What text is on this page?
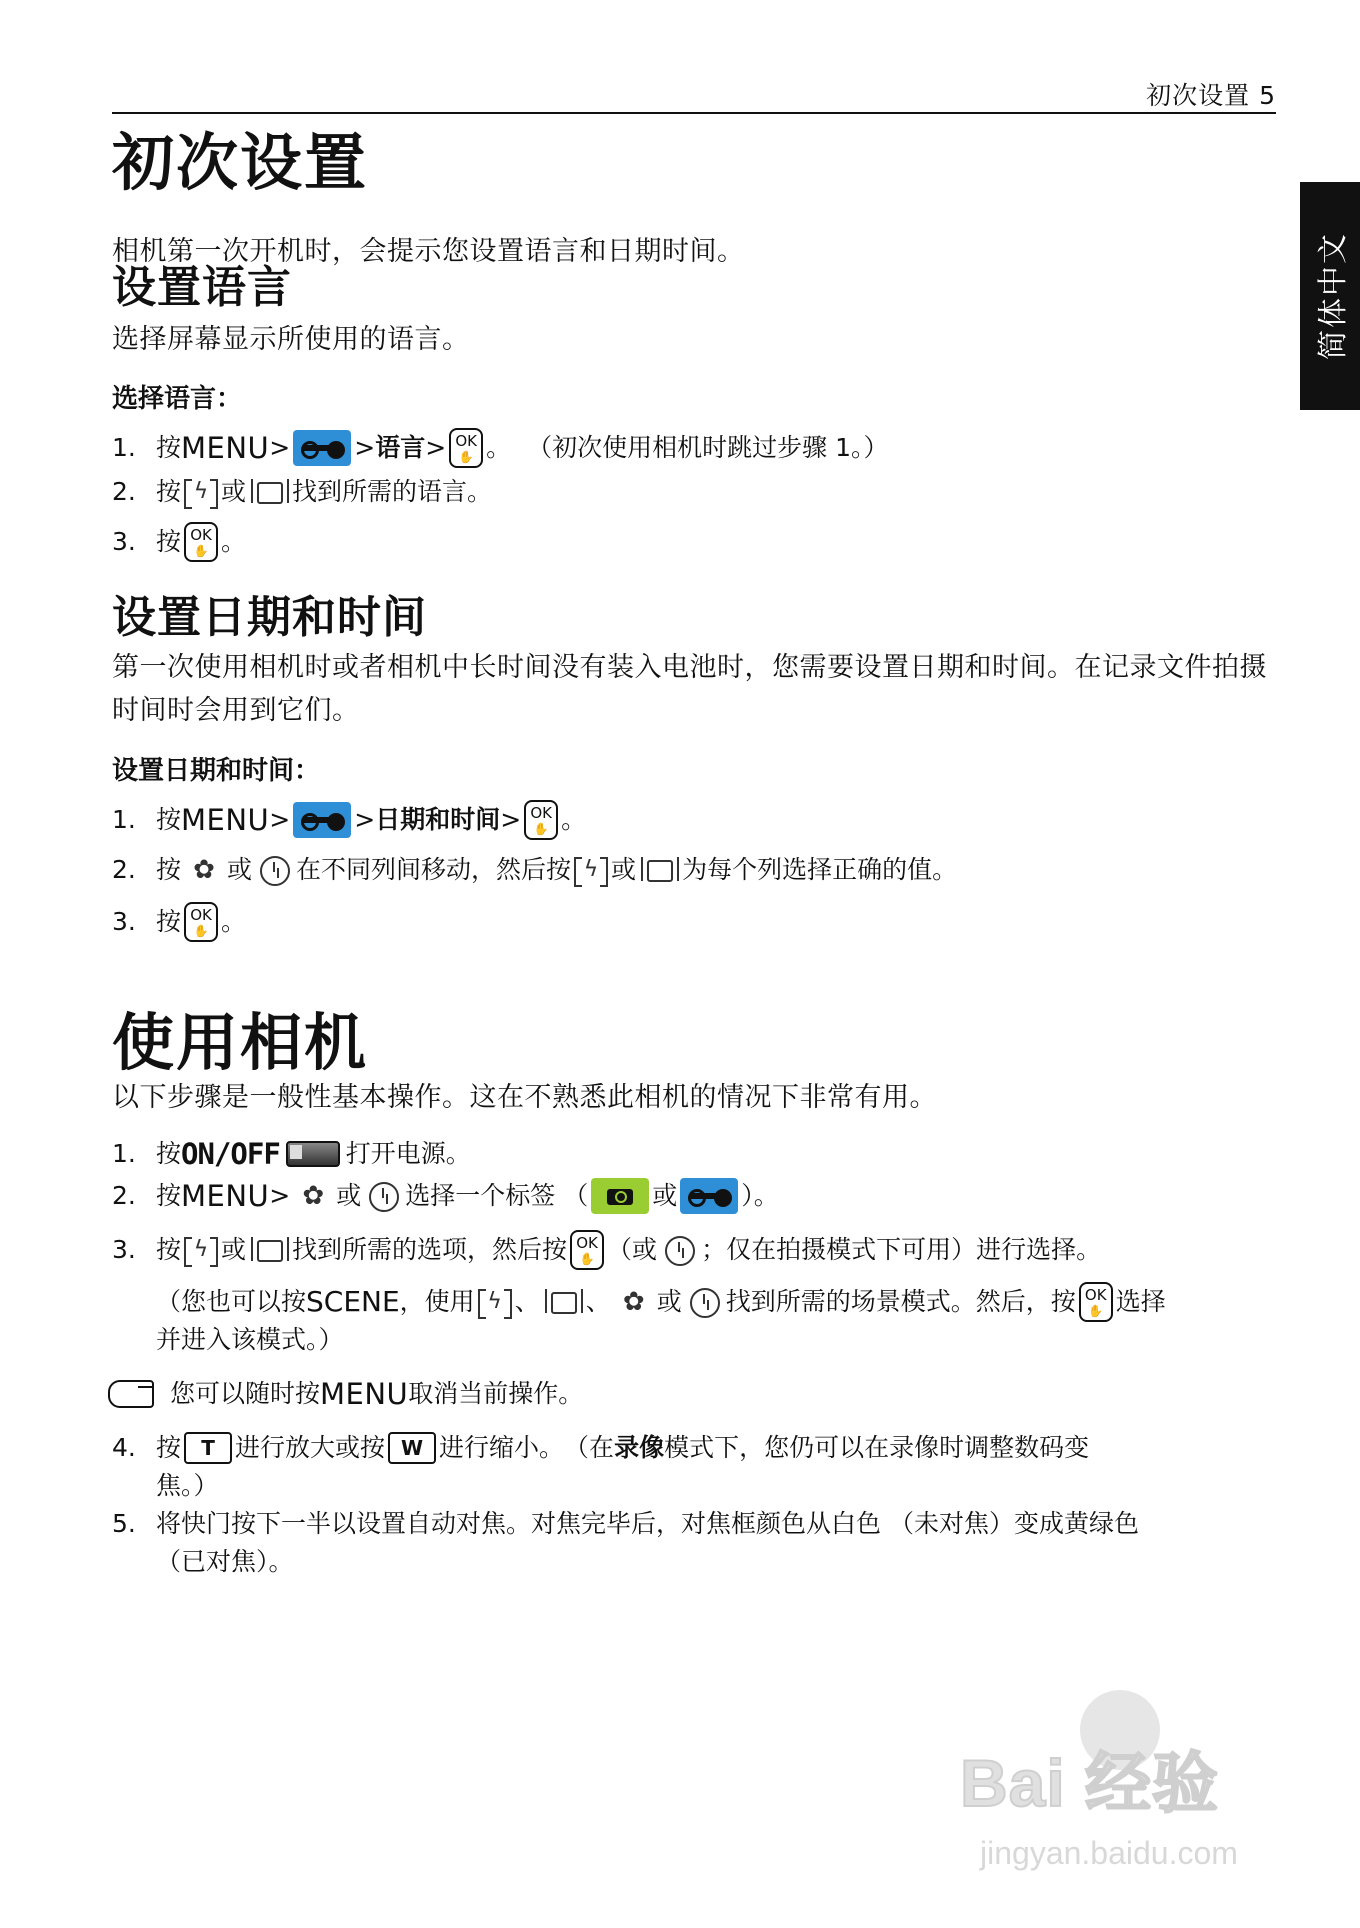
初次设置 5
简体中文
初次设置
相机第一次开机时，会提示您设置语言和日期时间。
设置语言
选择屏幕显示所使用的语言。
选择语言：
1. 按 MENU >	> 语言 > OK
✋ 。 （初次使用相机时跳过步骤 1。）
2. 按 ϟ 或 找到所需的语言。
3. 按 OK
✋ 。
设置日期和时间
第一次使用相机时或者相机中长时间没有装入电池时，您需要设置日期和时间。在记录文件拍摄时间时会用到它们。
设置日期和时间：
1. 按 MENU >	> 日期和时间 > OK
✋ 。
2. 按 ✿ 或 在不同列间移动，然后按 ϟ 或 为每个列选择正确的值。
3. 按 OK
✋ 。
使用相机
以下步骤是一般性基本操作。这在不熟悉此相机的情况下非常有用。
1. 按 ON/OFF	打开电源。
2. 按 MENU > ✿ 或 选择一个标签 （	或	）。
3. 按 ϟ 或 找到所需的选项，然后按 OK
✋ （或 ；仅在拍摄模式下可用）进行选择。
（您也可以按 SCENE ，使用 ϟ 、 、 ✿ 或 找到所需的场景模式。然后，按 OK
✋ 选择
并进入该模式。）
您可以随时按 MENU 取消当前操作。
4. 按	T 进行放大或按 W 进行缩小。 （在 录像 模式下，您仍可以在录像时调整数码变
焦。）
5. 将快门按下一半以设置自动对焦。对焦完毕后，对焦框颜色从白色 （未对焦）变成黄绿色
（已对焦）。
Bai 经验
jingyan.baidu.com
